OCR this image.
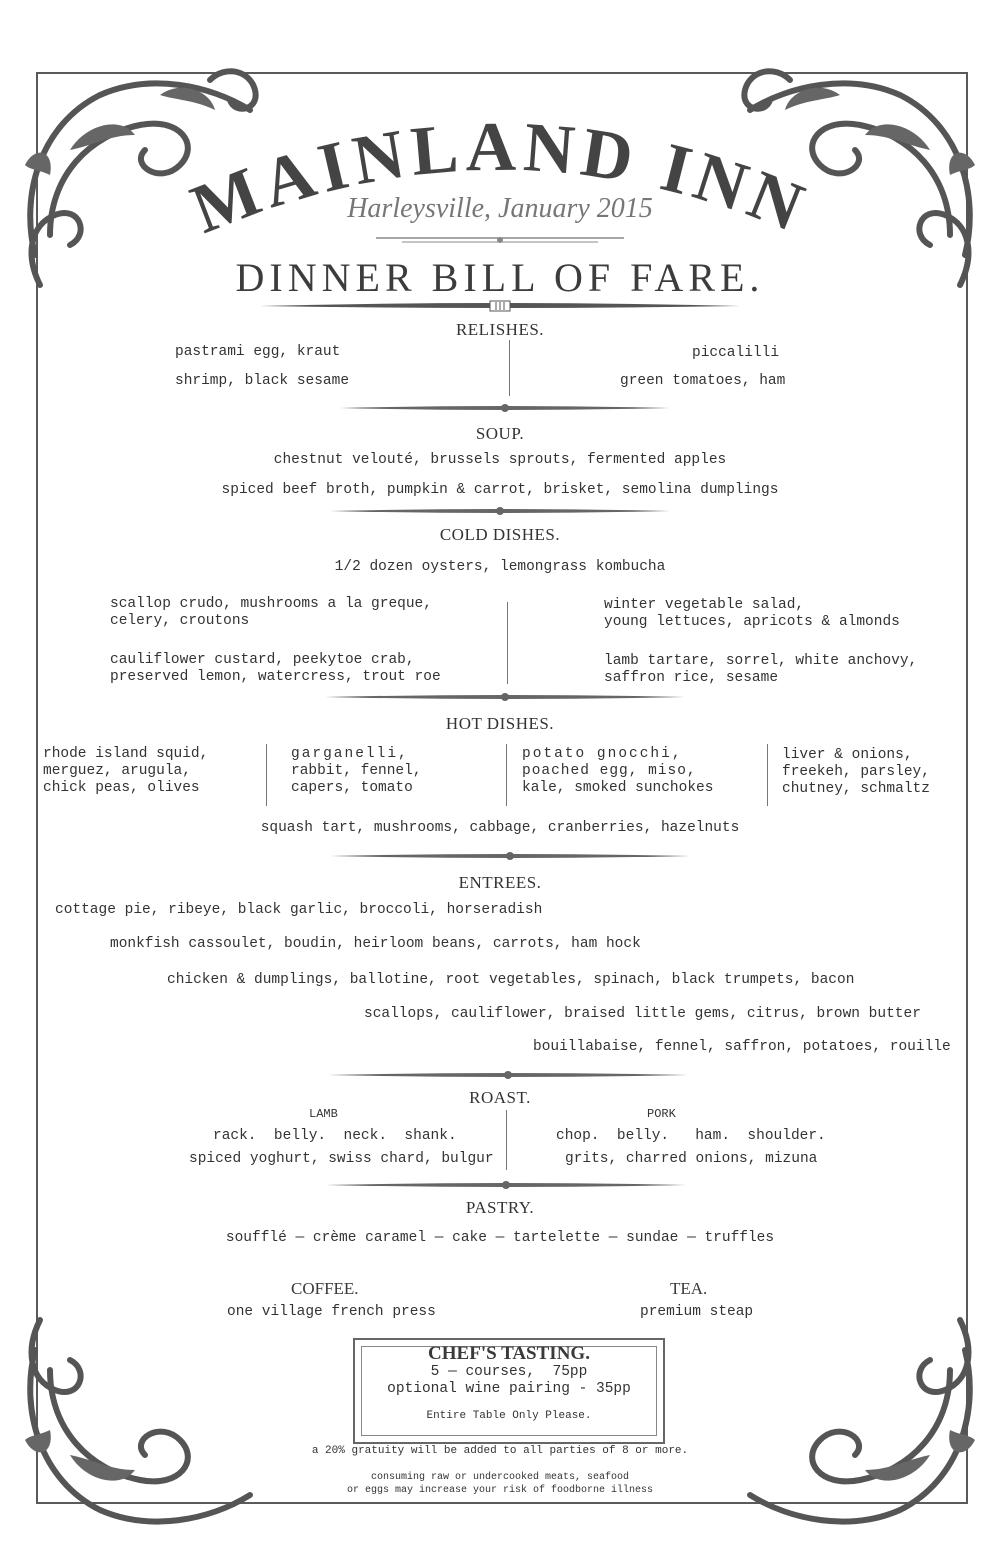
MAINLAND INN
Harleysville, January 2015
DINNER BILL OF FARE.
RELISHES.
pastrami egg, kraut
shrimp, black sesame
piccalilli
green tomatoes, ham
SOUP.
chestnut velouté, brussels sprouts, fermented apples
spiced beef broth, pumpkin & carrot, brisket, semolina dumplings
COLD DISHES.
1/2 dozen oysters, lemongrass kombucha
scallop crudo, mushrooms a la greque,
celery, croutons
cauliflower custard, peekytoe crab,
preserved lemon, watercress, trout roe
winter vegetable salad,
young lettuces, apricots & almonds
lamb tartare, sorrel, white anchovy,
saffron rice, sesame
HOT DISHES.
rhode island squid,
merguez, arugula,
chick peas, olives
garganelli,
rabbit, fennel,
capers, tomato
potato gnocchi,
poached egg, miso,
kale, smoked sunchokes
liver & onions,
freekeh, parsley,
chutney, schmaltz
squash tart, mushrooms, cabbage, cranberries, hazelnuts
ENTREES.
cottage pie, ribeye, black garlic, broccoli, horseradish
monkfish cassoulet, boudin, heirloom beans, carrots, ham hock
chicken & dumplings, ballotine, root vegetables, spinach, black trumpets, bacon
scallops, cauliflower, braised little gems, citrus, brown butter
bouillabaise, fennel, saffron, potatoes, rouille
ROAST.
LAMB
rack.  belly.  neck.  shank.
spiced yoghurt, swiss chard, bulgur
PORK
chop.  belly.   ham.  shoulder.
grits, charred onions, mizuna
PASTRY.
soufflé — crème caramel — cake — tartelette — sundae — truffles
COFFEE.
one village french press
TEA.
premium steap
CHEF'S TASTING.
5 — courses,  75pp
optional wine pairing - 35pp
Entire Table Only Please.
a 20% gratuity will be added to all parties of 8 or more.
consuming raw or undercooked meats, seafood
or eggs may increase your risk of foodborne illness
